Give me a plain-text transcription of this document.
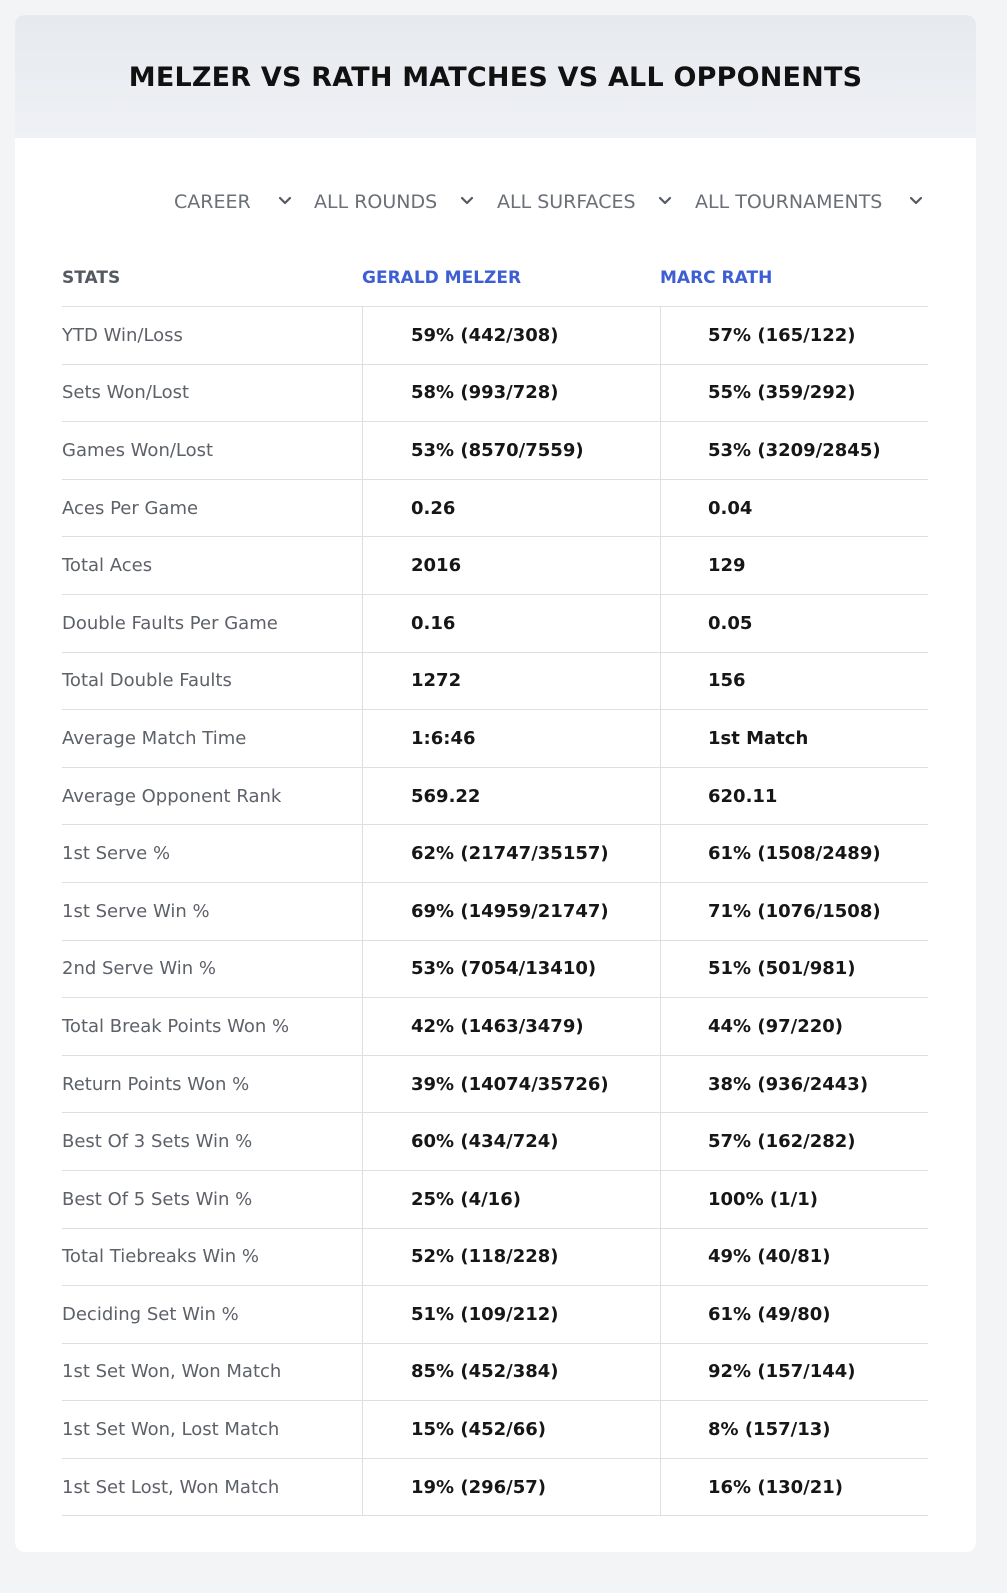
MELZER VS RATH MATCHES VS ALL OPPONENTS
CAREER	ALL ROUNDS	ALL SURFACES	ALL TOURNAMENTS
STATS	GERALD MELZER	MARC RATH
YTD Win/Loss	59% (442/308)	57% (165/122)
Sets Won/Lost	58% (993/728)	55% (359/292)
Games Won/Lost	53% (8570/7559)	53% (3209/2845)
Aces Per Game	0.26	0.04
Total Aces	2016	129
Double Faults Per Game	0.16	0.05
Total Double Faults	1272	156
Average Match Time	1:6:46	1st Match
Average Opponent Rank	569.22	620.11
1st Serve %	62% (21747/35157)	61% (1508/2489)
1st Serve Win %	69% (14959/21747)	71% (1076/1508)
2nd Serve Win %	53% (7054/13410)	51% (501/981)
Total Break Points Won %	42% (1463/3479)	44% (97/220)
Return Points Won %	39% (14074/35726)	38% (936/2443)
Best Of 3 Sets Win %	60% (434/724)	57% (162/282)
Best Of 5 Sets Win %	25% (4/16)	100% (1/1)
Total Tiebreaks Win %	52% (118/228)	49% (40/81)
Deciding Set Win %	51% (109/212)	61% (49/80)
1st Set Won, Won Match	85% (452/384)	92% (157/144)
1st Set Won, Lost Match	15% (452/66)	8% (157/13)
1st Set Lost, Won Match	19% (296/57)	16% (130/21)
